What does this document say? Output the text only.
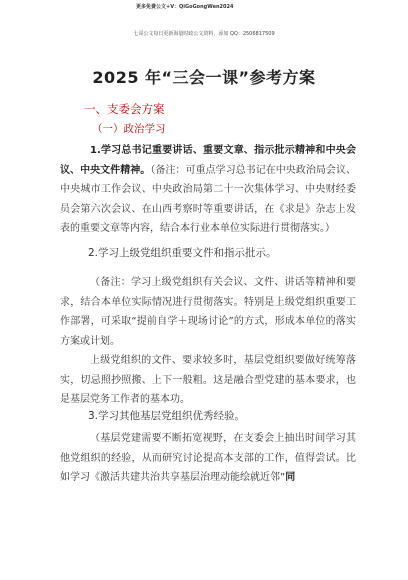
更多免费公文+V：QiGoGongWen2024
七哥公文每日更新海量时政公文资料，添加 QQ：2506817509
2025 年“三会一课”参考方案
一、支委会方案
（一）政治学习
1.学习总书记重要讲话、重要文章、指示批示精神和中央会议、中央文件精神。（备注：可重点学习总书记在中央政治局会议、中央城市工作会议、中央政治局第二十一次集体学习、中央财经委员会第六次会议、在山西考察时等重要讲话，在《求是》杂志上发表的重要文章等内容，结合本行业本单位实际进行贯彻落实。）
2.学习上级党组织重要文件和指示批示。
（备注：学习上级党组织有关会议、文件、讲话等精神和要求，结合本单位实际情况进行贯彻落实。特别是上级党组织重要工作部署，可采取“提前自学＋现场讨论”的方式，形成本单位的落实方案或计划。
上级党组织的文件、要求较多时，基层党组织要做好统筹落实，切忌照抄照搬、上下一般粗。这是融合型党建的基本要求，也是基层党务工作者的基本功。
3.学习其他基层党组织优秀经验。
（基层党建需要不断拓宽视野，在支委会上抽出时间学习其他党组织的经验，从而研究讨论提高本支部的工作，值得尝试。比如学习《激活共建共治共享基层治理动能绘就近邻”同
